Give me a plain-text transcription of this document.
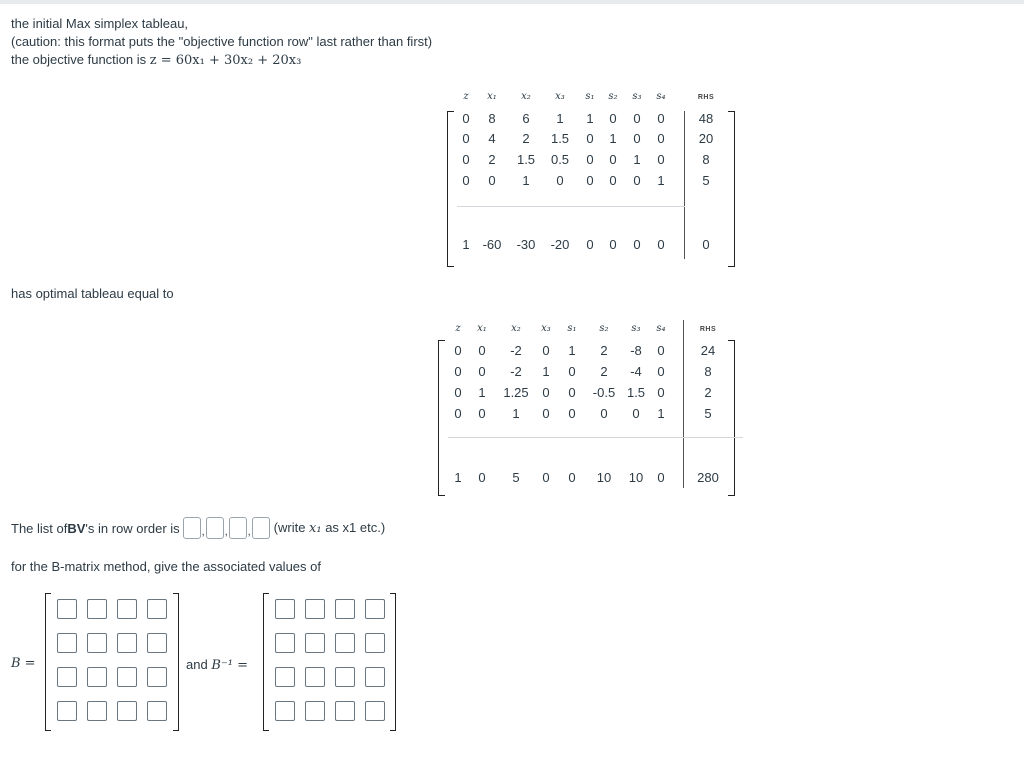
the initial Max simplex tableau,
(caution: this format puts the "objective function row" last rather than first)
the objective function is z = 60x₁ + 30x₂ + 20x₃
z x₁ x₂ x₃ s₁ s₂ s₃ s₄	RHS
0 8 6 1 1 0 0 0	48
0 4 2 1.5 0 1 0 0	20
0 2 1.5 0.5 0 0 1 0	8
0 0 1 0 0 0 0 1	5
1 -60 -30 -20 0 0 0 0	0
has optimal tableau equal to
z x₁ x₂ x₃ s₁ s₂ s₃ s₄	RHS
0 0 -2 0 1 2 -8 0	24
0 0 -2 1 0 2 -4 0	8
0 1 1.25 0 0 -0.5 1.5 0	2
0 0 1 0 0 0 0 1	5
1 0 5 0 0 10 10 0	280
The list of BV 's in row order is , , , (write x₁ as x1 etc.)
for the B-matrix method, give the associated values of
B =	and B⁻¹ =
